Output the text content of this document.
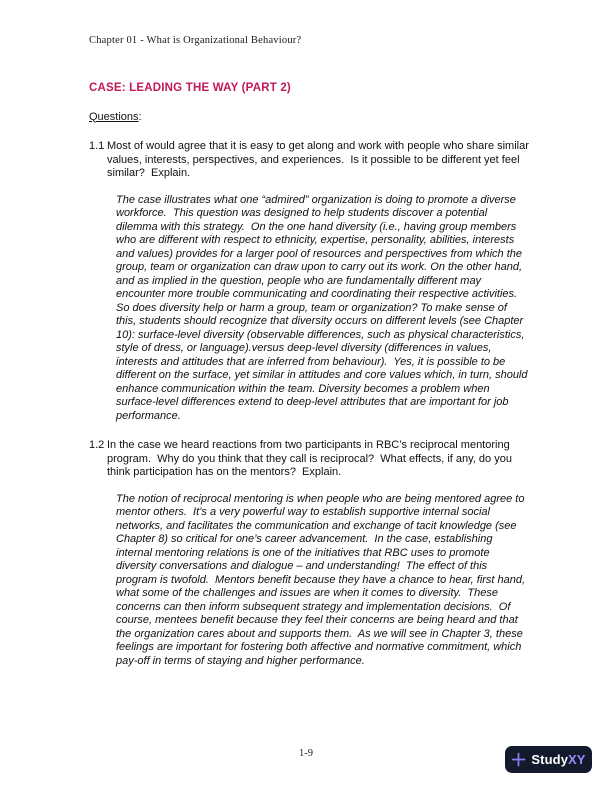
Chapter 01 - What is Organizational Behaviour?
CASE: LEADING THE WAY (PART 2)
Questions:
1.1 Most of would agree that it is easy to get along and work with people who share similar values, interests, perspectives, and experiences.  Is it possible to be different yet feel similar?  Explain.
The case illustrates what one “admired” organization is doing to promote a diverse workforce.  This question was designed to help students discover a potential dilemma with this strategy.  On the one hand diversity (i.e., having group members who are different with respect to ethnicity, expertise, personality, abilities, interests and values) provides for a larger pool of resources and perspectives from which the group, team or organization can draw upon to carry out its work. On the other hand, and as implied in the question, people who are fundamentally different may encounter more trouble communicating and coordinating their respective activities.  So does diversity help or harm a group, team or organization? To make sense of this, students should recognize that diversity occurs on different levels (see Chapter 10): surface-level diversity (observable differences, such as physical characteristics, style of dress, or language).versus deep-level diversity (differences in values, interests and attitudes that are inferred from behaviour).  Yes, it is possible to be different on the surface, yet similar in attitudes and core values which, in turn, should enhance communication within the team. Diversity becomes a problem when surface-level differences extend to deep-level attributes that are important for job performance.
1.2 In the case we heard reactions from two participants in RBC’s reciprocal mentoring program.  Why do you think that they call is reciprocal?  What effects, if any, do you think participation has on the mentors?  Explain.
The notion of reciprocal mentoring is when people who are being mentored agree to mentor others.  It’s a very powerful way to establish supportive internal social networks, and facilitates the communication and exchange of tacit knowledge (see Chapter 8) so critical for one’s career advancement.  In the case, establishing internal mentoring relations is one of the initiatives that RBC uses to promote diversity conversations and dialogue – and understanding!  The effect of this program is twofold.  Mentors benefit because they have a chance to hear, first hand, what some of the challenges and issues are when it comes to diversity.  These concerns can then inform subsequent strategy and implementation decisions.  Of course, mentees benefit because they feel their concerns are being heard and that the organization cares about and supports them.  As we will see in Chapter 3, these feelings are important for fostering both affective and normative commitment, which pay-off in terms of staying and higher performance.
1-9	StudyXY
